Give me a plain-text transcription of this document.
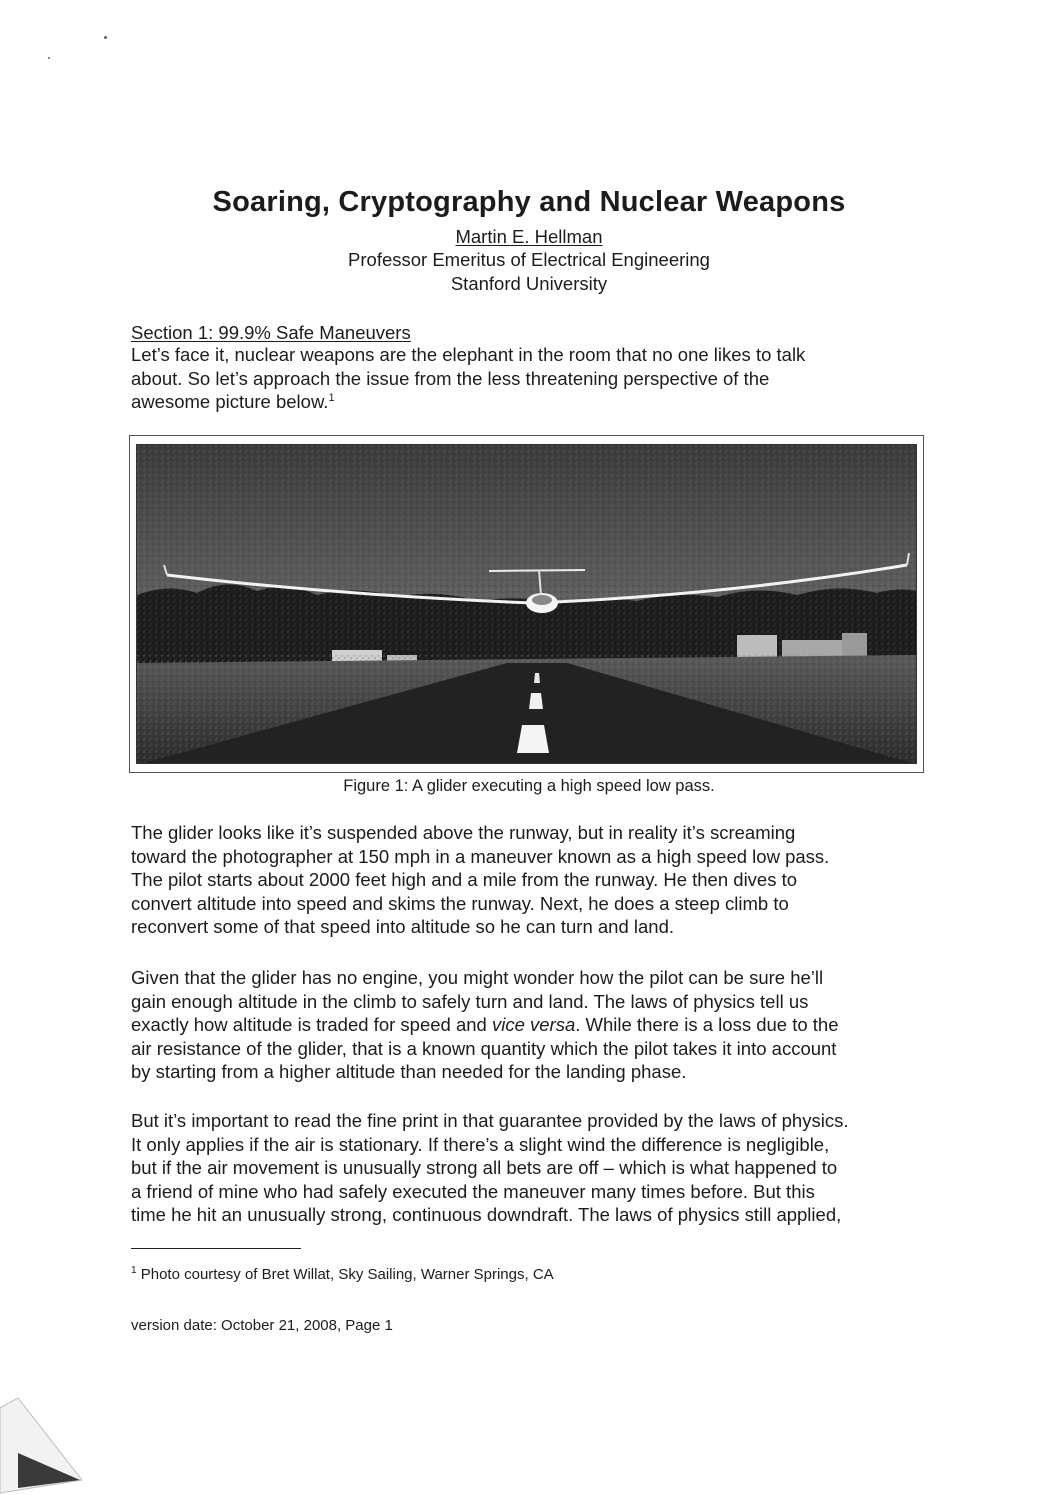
Soaring, Cryptography and Nuclear Weapons
Martin E. Hellman
Professor Emeritus of Electrical Engineering
Stanford University
Section 1: 99.9% Safe Maneuvers
Let’s face it, nuclear weapons are the elephant in the room that no one likes to talk
about. So let’s approach the issue from the less threatening perspective of the
awesome picture below.$^1$
Figure 1: A glider executing a high speed low pass.
The glider looks like it’s suspended above the runway, but in reality it’s screaming
toward the photographer at 150 mph in a maneuver known as a high speed low pass.
The pilot starts about 2000 feet high and a mile from the runway. He then dives to
convert altitude into speed and skims the runway. Next, he does a steep climb to
reconvert some of that speed into altitude so he can turn and land.
Given that the glider has no engine, you might wonder how the pilot can be sure he’ll
gain enough altitude in the climb to safely turn and land. The laws of physics tell us
exactly how altitude is traded for speed and vice versa. While there is a loss due to the
air resistance of the glider, that is a known quantity which the pilot takes it into account
by starting from a higher altitude than needed for the landing phase.
But it’s important to read the fine print in that guarantee provided by the laws of physics.
It only applies if the air is stationary. If there’s a slight wind the difference is negligible,
but if the air movement is unusually strong all bets are off – which is what happened to
a friend of mine who had safely executed the maneuver many times before. But this
time he hit an unusually strong, continuous downdraft. The laws of physics still applied,
$^1$ Photo courtesy of Bret Willat, Sky Sailing, Warner Springs, CA
version date: October 21, 2008, Page 1
